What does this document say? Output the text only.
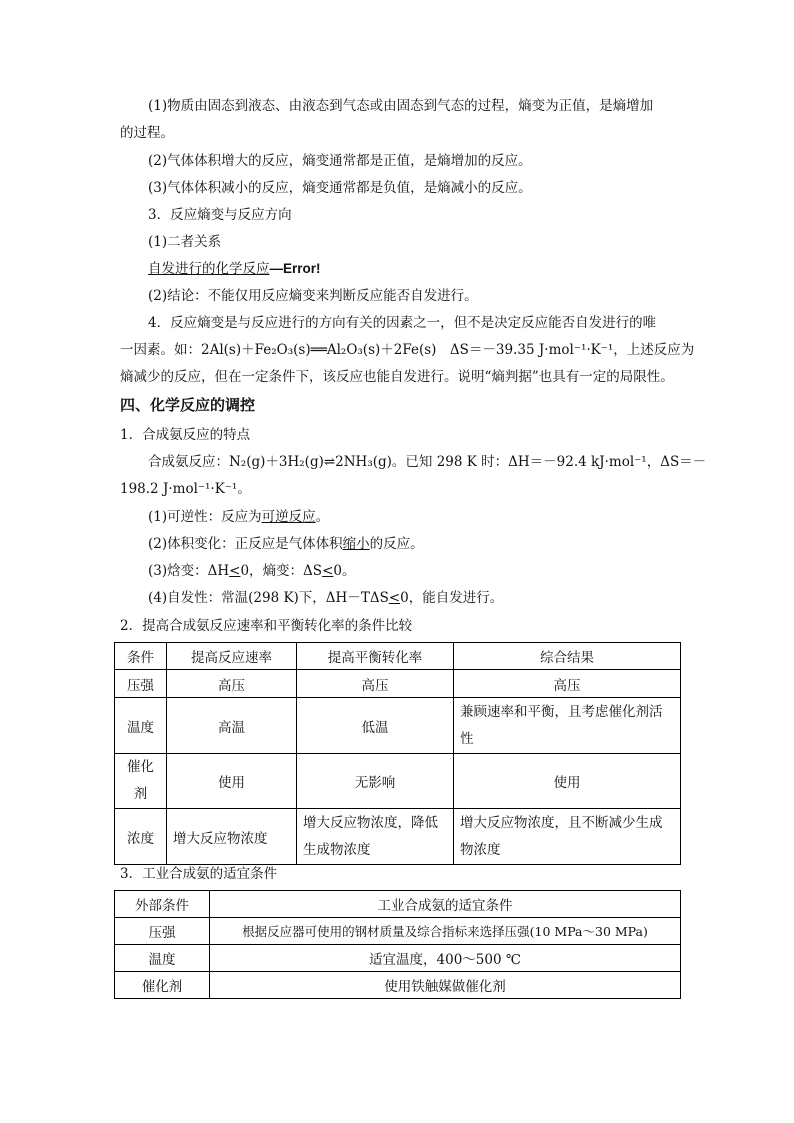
(1)物质由固态到液态、由液态到气态或由固态到气态的过程，熵变为正值，是熵增加
的过程。
(2)气体体积增大的反应，熵变通常都是正值，是熵增加的反应。
(3)气体体积减小的反应，熵变通常都是负值，是熵减小的反应。
3．反应熵变与反应方向
(1)二者关系
自发进行的化学反应—Error!
(2)结论：不能仅用反应熵变来判断反应能否自发进行。
4．反应熵变是与反应进行的方向有关的因素之一，但不是决定反应能否自发进行的唯
一因素。如：2Al(s)＋Fe₂O₃(s)══Al₂O₃(s)＋2Fe(s)　ΔS＝－39.35 J·mol⁻¹·K⁻¹，上述反应为
熵减少的反应，但在一定条件下，该反应也能自发进行。说明“熵判据”也具有一定的局限性。
四、化学反应的调控
1．合成氨反应的特点
合成氨反应：N₂(g)＋3H₂(g)⇌2NH₃(g)。已知 298 K 时：ΔH＝－92.4 kJ·mol⁻¹，ΔS＝－
198.2 J·mol⁻¹·K⁻¹。
(1)可逆性：反应为可逆反应。
(2)体积变化：正反应是气体体积缩小的反应。
(3)焓变：ΔH<0，熵变：ΔS<0。
(4)自发性：常温(298 K)下，ΔH－TΔS<0，能自发进行。
2．提高合成氨反应速率和平衡转化率的条件比较
条件	提高反应速率	提高平衡转化率	综合结果
压强	高压	高压	高压
温度	高温	低温	兼顾速率和平衡，且考虑催化剂活性
催化剂	使用	无影响	使用
浓度	增大反应物浓度	增大反应物浓度，降低生成物浓度	增大反应物浓度，且不断减少生成物浓度
3．工业合成氨的适宜条件
外部条件	工业合成氨的适宜条件
压强	根据反应器可使用的钢材质量及综合指标来选择压强(10 MPa～30 MPa)
温度	适宜温度，400～500 ℃
催化剂	使用铁触媒做催化剂
